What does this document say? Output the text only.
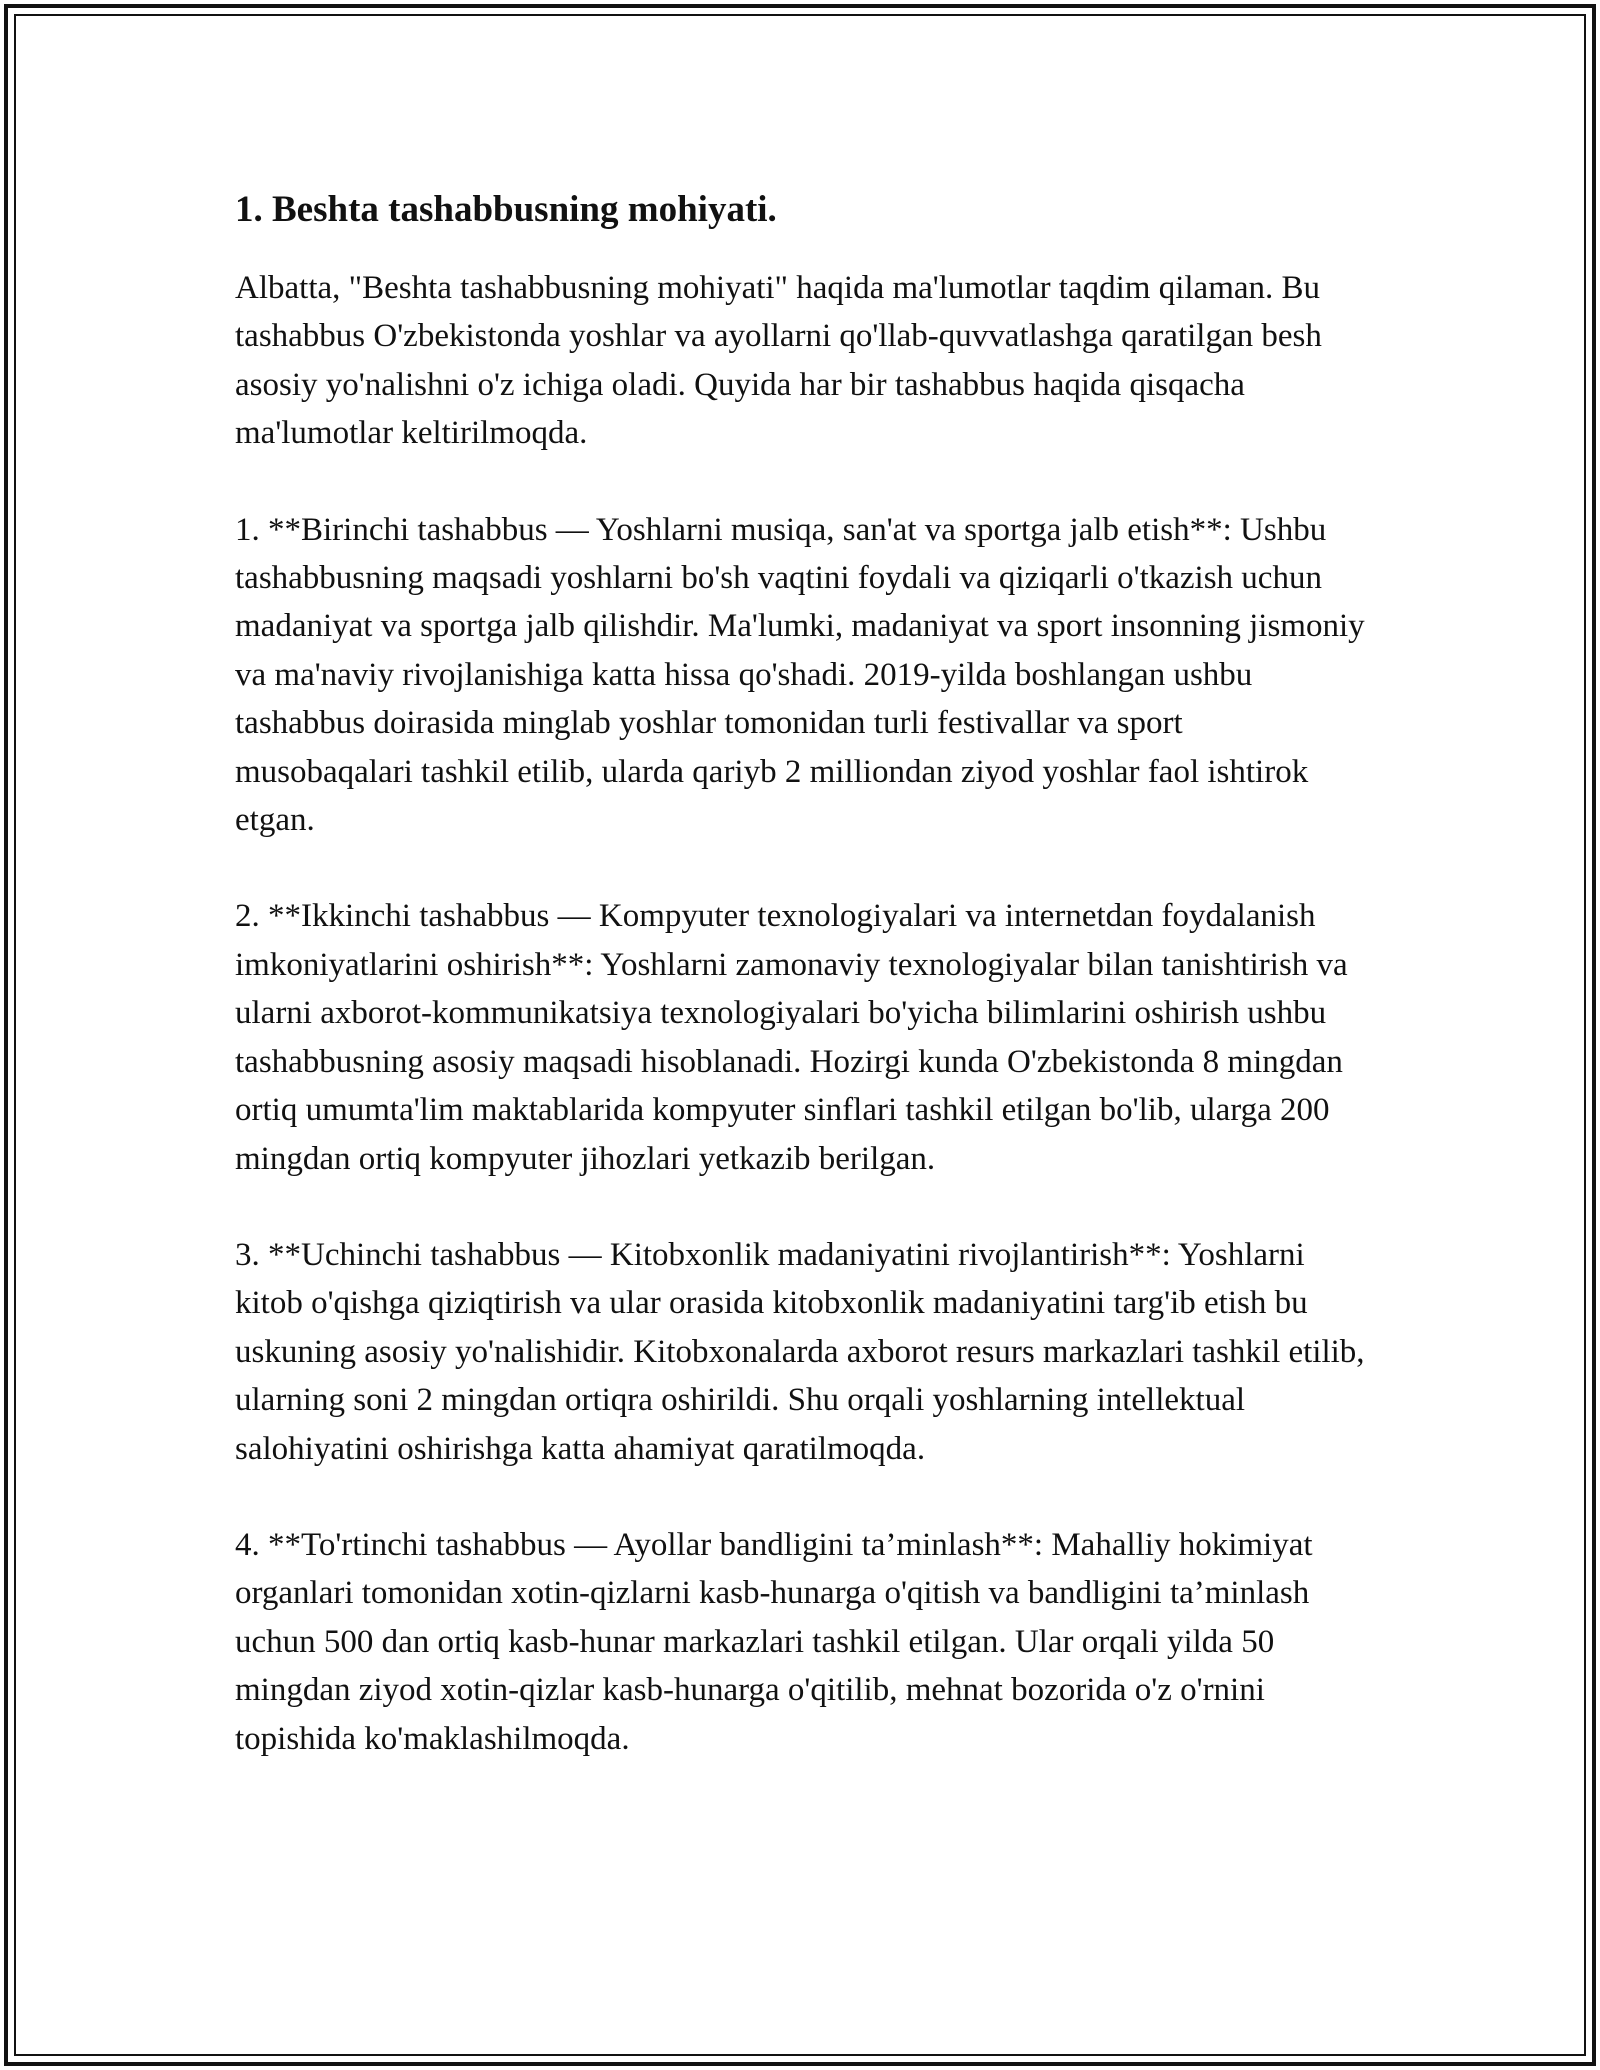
1. Beshta tashabbusning mohiyati.

Albatta, "Beshta tashabbusning mohiyati" haqida ma'lumotlar taqdim qilaman. Bu tashabbus O'zbekistonda yoshlar va ayollarni qo'llab-quvvatlashga qaratilgan besh asosiy yo'nalishni o'z ichiga oladi. Quyida har bir tashabbus haqida qisqacha ma'lumotlar keltirilmoqda.

1. **Birinchi tashabbus — Yoshlarni musiqa, san'at va sportga jalb etish**: Ushbu tashabbusning maqsadi yoshlarni bo'sh vaqtini foydali va qiziqarli o'tkazish uchun madaniyat va sportga jalb qilishdir. Ma'lumki, madaniyat va sport insonning jismoniy va ma'naviy rivojlanishiga katta hissa qo'shadi. 2019-yilda boshlangan ushbu tashabbus doirasida minglab yoshlar tomonidan turli festivallar va sport musobaqalari tashkil etilib, ularda qariyb 2 milliondan ziyod yoshlar faol ishtirok etgan.

2. **Ikkinchi tashabbus — Kompyuter texnologiyalari va internetdan foydalanish imkoniyatlarini oshirish**: Yoshlarni zamonaviy texnologiyalar bilan tanishtirish va ularni axborot-kommunikatsiya texnologiyalari bo'yicha bilimlarini oshirish ushbu tashabbusning asosiy maqsadi hisoblanadi. Hozirgi kunda O'zbekistonda 8 mingdan ortiq umumta'lim maktablarida kompyuter sinflari tashkil etilgan bo'lib, ularga 200 mingdan ortiq kompyuter jihozlari yetkazib berilgan.

3. **Uchinchi tashabbus — Kitobxonlik madaniyatini rivojlantirish**: Yoshlarni kitob o'qishga qiziqtirish va ular orasida kitobxonlik madaniyatini targ'ib etish bu uskuning asosiy yo'nalishidir. Kitobxonalarda axborot resurs markazlari tashkil etilib, ularning soni 2 mingdan ortiqra oshirildi. Shu orqali yoshlarning intellektual salohiyatini oshirishga katta ahamiyat qaratilmoqda.

4. **To'rtinchi tashabbus — Ayollar bandligini ta’minlash**: Mahalliy hokimiyat organlari tomonidan xotin-qizlarni kasb-hunarga o'qitish va bandligini ta’minlash uchun 500 dan ortiq kasb-hunar markazlari tashkil etilgan. Ular orqali yilda 50 mingdan ziyod xotin-qizlar kasb-hunarga o'qitilib, mehnat bozorida o'z o'rnini topishida ko'maklashilmoqda.
